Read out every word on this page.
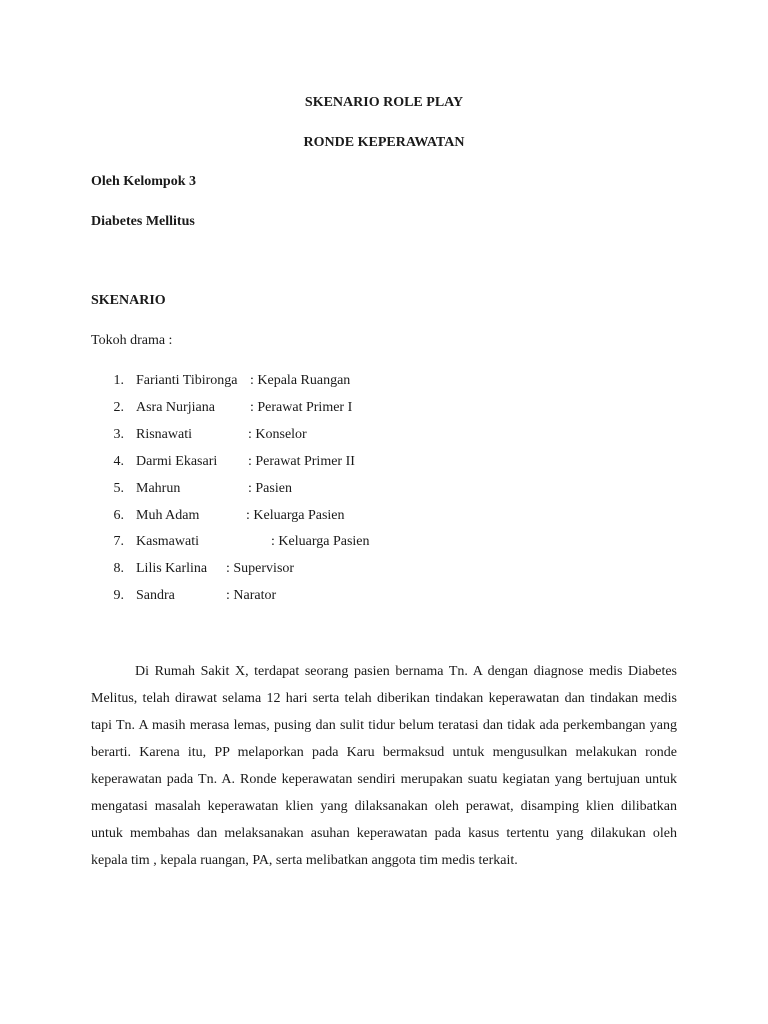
SKENARIO ROLE PLAY
RONDE KEPERAWATAN
Oleh Kelompok 3
Diabetes Mellitus
SKENARIO
Tokoh drama :
1. Farianti Tibironga : Kepala Ruangan
2. Asra Nurjiana	: Perawat Primer I
3. Risnawati	: Konselor
4. Darmi Ekasari : Perawat Primer II
5. Mahrun	: Pasien
6. Muh Adam	: Keluarga Pasien
7. Kasmawati	: Keluarga Pasien
8. Lilis Karlina : Supervisor
9. Sandra	: Narator

Di Rumah Sakit X, terdapat seorang pasien bernama Tn. A dengan diagnose medis Diabetes Melitus, telah dirawat selama 12 hari serta telah diberikan tindakan keperawatan dan tindakan medis tapi Tn. A masih merasa lemas, pusing dan sulit tidur belum teratasi dan tidak ada perkembangan yang berarti. Karena itu, PP melaporkan pada Karu bermaksud untuk mengusulkan melakukan ronde keperawatan pada Tn. A. Ronde keperawatan sendiri merupakan suatu kegiatan yang bertujuan untuk mengatasi masalah keperawatan klien yang dilaksanakan oleh perawat, disamping klien dilibatkan untuk membahas dan melaksanakan asuhan keperawatan pada kasus tertentu yang dilakukan oleh kepala tim , kepala ruangan, PA, serta melibatkan anggota tim medis terkait.
